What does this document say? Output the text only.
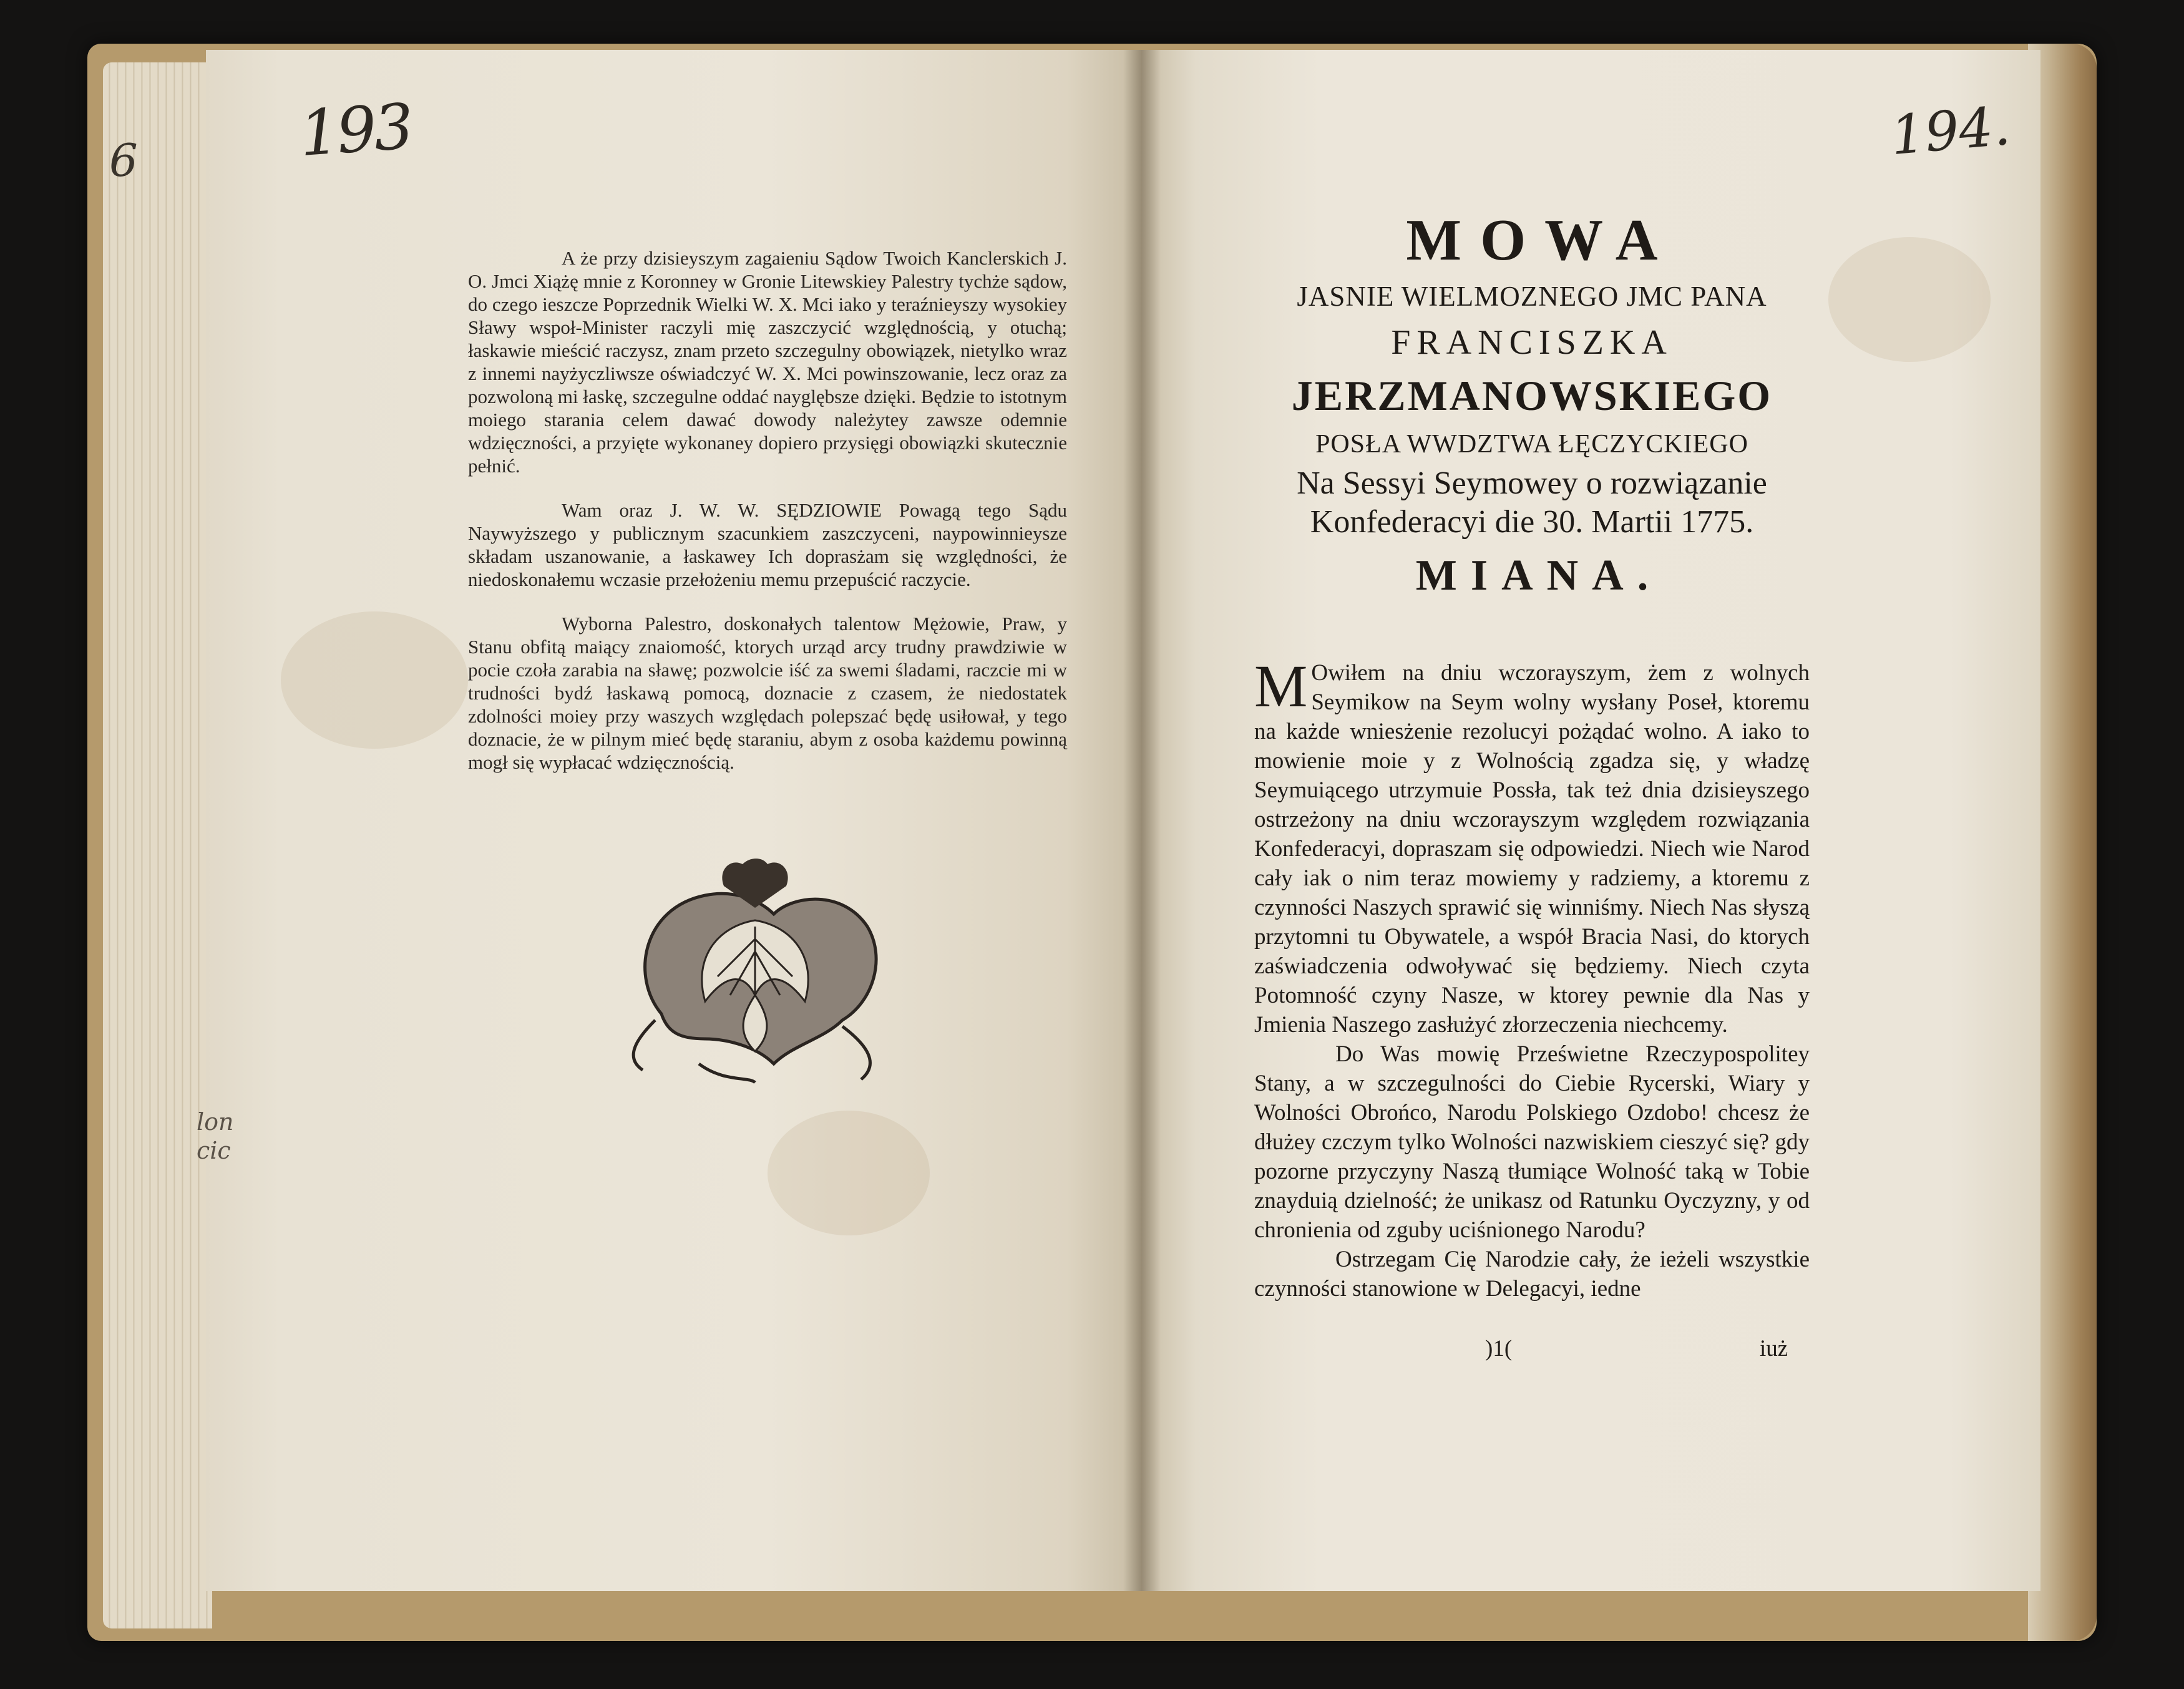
6
lon
cic
193	194.

A że przy dzisieyszym zagaieniu Sądow Twoich Kanclerskich J. O. Jmci Xiążę mnie z Koronney w Gronie Litewskiey Palestry tychże sądow, do czego ieszcze Poprzednik Wielki W. X. Mci iako y teraźnieyszy wysokiey Sławy wspoł-Minister raczyli mię zaszczycić względnością, y otuchą; łaskawie mieścić raczysz, znam przeto szczegulny obowiązek, nietylko wraz z innemi nayżyczliwsze oświadczyć W. X. Mci powinszowanie, lecz oraz za pozwoloną mi łaskę, szczegulne oddać nayglębsze dzięki. Będzie to istotnym moiego starania celem dawać dowody należytey zawsze odemnie wdzięczności, a przyięte wykonaney dopiero przysięgi obowiązki skutecznie pełnić.

Wam oraz J. W. W. SĘDZIOWIE Powagą tego Sądu Naywyższego y publicznym szacunkiem zaszczyceni, naypowinnieysze składam uszanowanie, a łaskawey Ich doprasżam się względności, że niedoskonałemu wczasie przełożeniu memu przepuścić raczycie.

Wyborna Palestro, doskonałych talentow Mężowie, Praw, y Stanu obfitą maiący znaiomość, ktorych urząd arcy trudny prawdziwie w pocie czoła zarabia na sławę; pozwolcie iść za swemi śladami, raczcie mi w trudności bydź łaskawą pomocą, doznacie z czasem, że niedostatek zdolności moiey przy waszych względach polepszać będę usiłował, y tego doznacie, że w pilnym mieć będę staraniu, abym z osoba każdemu powinną mogł się wypłacać wdzięcznością.

MOWA
JASNIE WIELMOZNEGO JMC PANA
FRANCISZKA
JERZMANOWSKIEGO
POSŁA WWDZTWA ŁĘCZYCKIEGO
Na Sessyi Seymowey o rozwiązanie
Konfederacyi die 30. Martii 1775.
MIANA.

M Owiłem na dniu wczorayszym, żem z wolnych Seymikow na Seym wolny wysłany Poseł, ktoremu na każde wniesżenie rezolucyi pożądać wolno. A iako to mowienie moie y z Wolnością zgadza się, y władzę Seymuiącego utrzymuie Possła, tak też dnia dzisieyszego ostrzeżony na dniu wczorayszym względem rozwiązania Konfederacyi, dopraszam się odpowiedzi. Niech wie Narod cały iak o nim teraz mowiemy y radziemy, a ktoremu z czynności Naszych sprawić się winniśmy. Niech Nas słyszą przytomni tu Obywatele, a współ Bracia Nasi, do ktorych zaświadczenia odwoływać się będziemy. Niech czyta Potomność czyny Nasze, w ktorey pewnie dla Nas y Jmienia Naszego zasłużyć złorzeczenia niechcemy.

Do Was mowię Prześwietne Rzeczypospolitey Stany, a w szczegulności do Ciebie Rycerski, Wiary y Wolności Obrońco, Narodu Polskiego Ozdobo! chcesz że dłużey czczym tylko Wolności nazwiskiem cieszyć się? gdy pozorne przyczyny Naszą tłumiące Wolność taką w Tobie znayduią dzielność; że unikasz od Ratunku Oyczyzny, y od chronienia od zguby uciśnionego Narodu?

Ostrzegam Cię Narodzie cały, że ieżeli wszystkie czynności stanowione w Delegacyi, iedne

)1(	iuż
